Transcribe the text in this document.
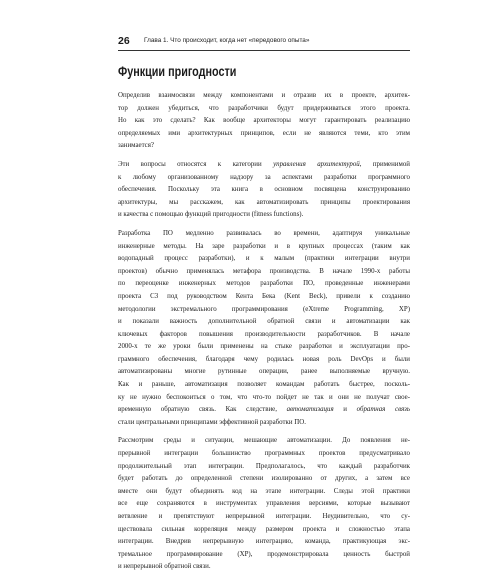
26 Глава 1. Что происходит, когда нет «передового опыта»
Функции пригодности
Определив взаимосвязи между компонентами и отразив их в проекте, архитек-
тор должен убедиться, что разработчики будут придерживаться этого проекта.
Но как это сделать? Как вообще архитекторы могут гарантировать реализацию
определяемых ими архитектурных принципов, если не являются теми, кто этим
занимается?
Эти вопросы относятся к категории управления архитектурой, применимой
к любому организованному надзору за аспектами разработки программного
обеспечения. Поскольку эта книга в основном посвящена конструированию
архитектуры, мы расскажем, как автоматизировать принципы проектирования
и качества с помощью функций пригодности (fitness functions).
Разработка ПО медленно развивалась во времени, адаптируя уникальные
инженерные методы. На заре разработки и в крупных процессах (таким как
водопадный процесс разработки), и к малым (практики интеграции внутри
проектов) обычно применялась метафора производства. В начале 1990-х работы
по переоценке инженерных методов разработки ПО, проведенные инженерами
проекта C3 под руководством Кента Бека (Kent Beck), привели к созданию
методологии экстремального программирования (eXtreme Programming, XP)
и показали важность дополнительной обратной связи и автоматизации как
ключевых факторов повышения производительности разработчиков. В начале
2000-х те же уроки были применены на стыке разработки и эксплуатации про-
граммного обеспечения, благодаря чему родилась новая роль DevOps и были
автоматизированы многие рутинные операции, ранее выполняемые вручную.
Как и раньше, автоматизация позволяет командам работать быстрее, посколь-
ку не нужно беспокоиться о том, что что-то пойдет не так и они не получат свое-
временную обратную связь. Как следствие, автоматизация и обратная связь
стали центральными принципами эффективной разработки ПО.
Рассмотрим среды и ситуации, мешающие автоматизации. До появления не-
прерывной интеграции большинство программных проектов предусматривало
продолжительный этап интеграции. Предполагалось, что каждый разработчик
будет работать до определенной степени изолированно от других, а затем все
вместе они будут объединять код на этапе интеграции. Следы этой практики
все еще сохраняются в инструментах управления версиями, которые вызывают
ветвление и препятствуют непрерывной интеграции. Неудивительно, что су-
ществовала сильная корреляция между размером проекта и сложностью этапа
интеграции. Внедрив непрерывную интеграцию, команда, практикующая экс-
тремальное программирование (XP), продемонстрировала ценность быстрой
и непрерывной обратной связи.
